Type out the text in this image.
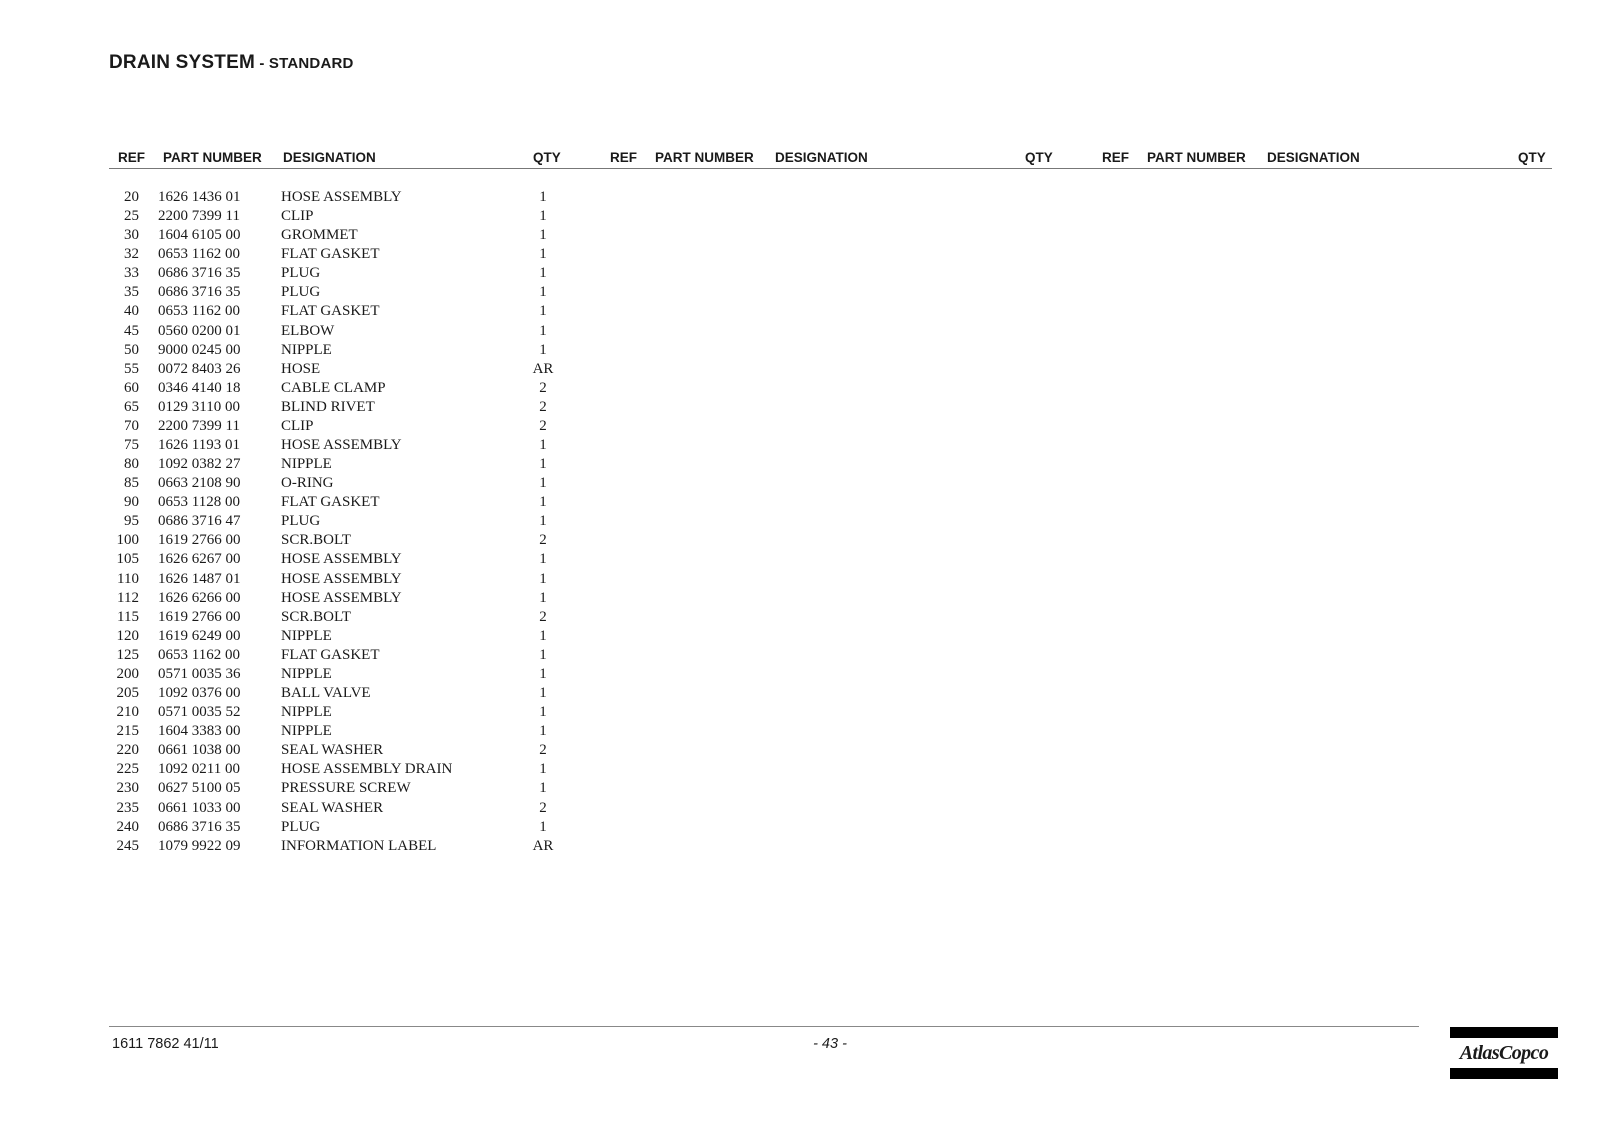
DRAIN SYSTEM - STANDARD
REF PART NUMBER DESIGNATION	QTY	REF PART NUMBER DESIGNATION	QTY	REF PART NUMBER DESIGNATION	QTY
20 1626 1436 01	HOSE ASSEMBLY	1
25 2200 7399 11	CLIP	1
30 1604 6105 00	GROMMET	1
32 0653 1162 00	FLAT GASKET	1
33 0686 3716 35	PLUG	1
35 0686 3716 35	PLUG	1
40 0653 1162 00	FLAT GASKET	1
45 0560 0200 01	ELBOW	1
50 9000 0245 00	NIPPLE	1
55 0072 8403 26	HOSE	AR
60 0346 4140 18	CABLE CLAMP	2
65 0129 3110 00	BLIND RIVET	2
70 2200 7399 11	CLIP	2
75 1626 1193 01	HOSE ASSEMBLY	1
80 1092 0382 27	NIPPLE	1
85 0663 2108 90	O-RING	1
90 0653 1128 00	FLAT GASKET	1
95 0686 3716 47	PLUG	1
100 1619 2766 00	SCR.BOLT	2
105 1626 6267 00	HOSE ASSEMBLY	1
110 1626 1487 01	HOSE ASSEMBLY	1
112 1626 6266 00	HOSE ASSEMBLY	1
115 1619 2766 00	SCR.BOLT	2
120 1619 6249 00	NIPPLE	1
125 0653 1162 00	FLAT GASKET	1
200 0571 0035 36	NIPPLE	1
205 1092 0376 00	BALL VALVE	1
210 0571 0035 52	NIPPLE	1
215 1604 3383 00	NIPPLE	1
220 0661 1038 00	SEAL WASHER	2
225 1092 0211 00	HOSE ASSEMBLY DRAIN	1
230 0627 5100 05	PRESSURE SCREW	1
235 0661 1033 00	SEAL WASHER	2
240 0686 3716 35	PLUG	1
245 1079 9922 09	INFORMATION LABEL	AR
1611 7862 41/11	- 43 -	AtlasCopco
